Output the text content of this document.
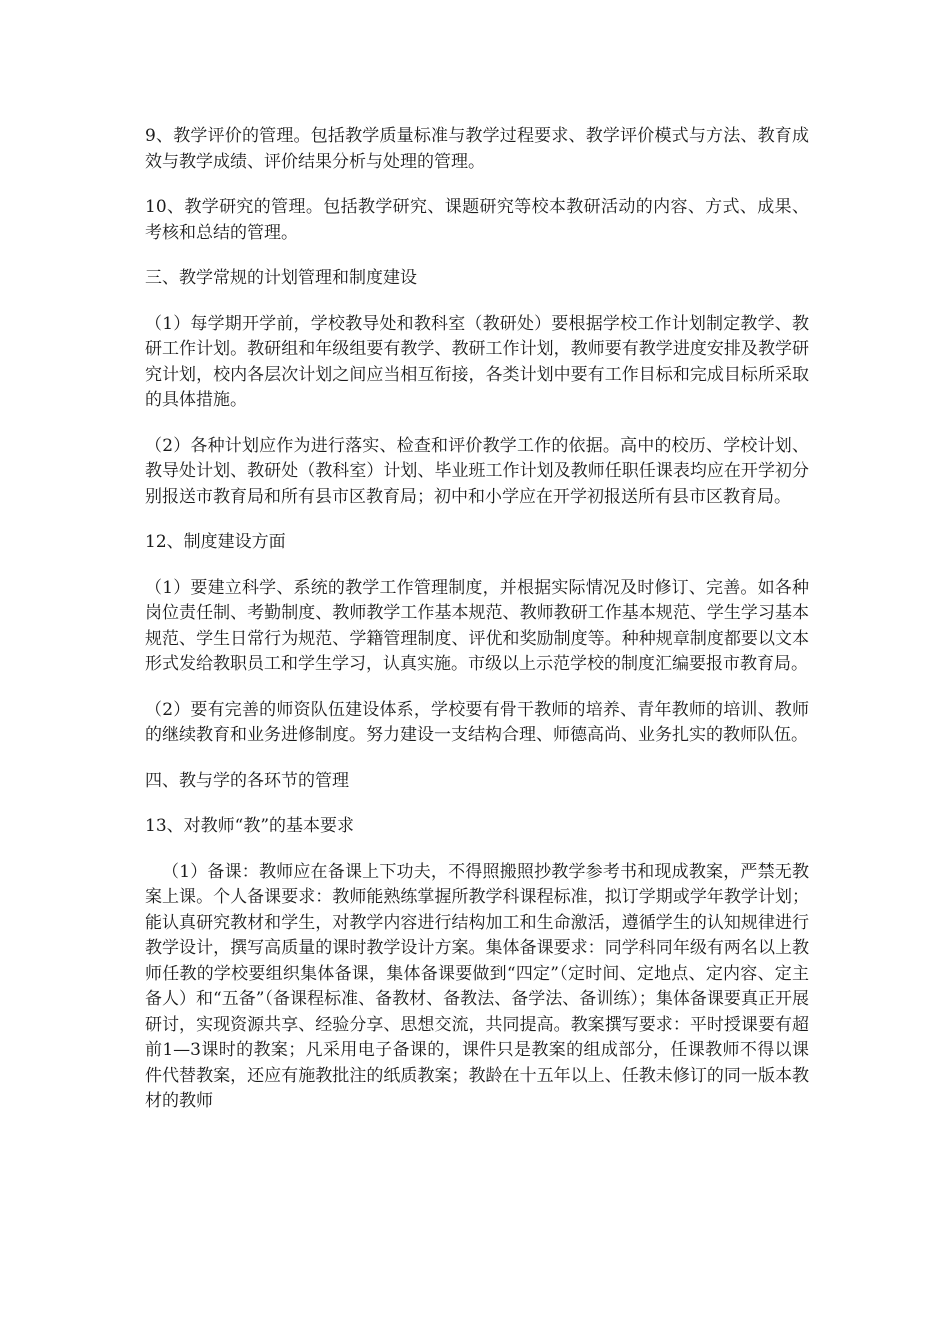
9、教学评价的管理。包括教学质量标准与教学过程要求、教学评价模式与方法、教育成效与教学成绩、评价结果分析与处理的管理。

10、教学研究的管理。包括教学研究、课题研究等校本教研活动的内容、方式、成果、考核和总结的管理。

三、教学常规的计划管理和制度建设

（1）每学期开学前，学校教导处和教科室（教研处）要根据学校工作计划制定教学、教研工作计划。教研组和年级组要有教学、教研工作计划，教师要有教学进度安排及教学研究计划，校内各层次计划之间应当相互衔接，各类计划中要有工作目标和完成目标所采取的具体措施。

（2）各种计划应作为进行落实、检查和评价教学工作的依据。高中的校历、学校计划、教导处计划、教研处（教科室）计划、毕业班工作计划及教师任职任课表均应在开学初分别报送市教育局和所有县市区教育局；初中和小学应在开学初报送所有县市区教育局。

12、制度建设方面

（1）要建立科学、系统的教学工作管理制度，并根据实际情况及时修订、完善。如各种岗位责任制、考勤制度、教师教学工作基本规范、教师教研工作基本规范、学生学习基本规范、学生日常行为规范、学籍管理制度、评优和奖励制度等。种种规章制度都要以文本形式发给教职员工和学生学习，认真实施。市级以上示范学校的制度汇编要报市教育局。

（2）要有完善的师资队伍建设体系，学校要有骨干教师的培养、青年教师的培训、教师的继续教育和业务进修制度。努力建设一支结构合理、师德高尚、业务扎实的教师队伍。

四、教与学的各环节的管理

13、对教师“教”的基本要求

（1）备课：教师应在备课上下功夫，不得照搬照抄教学参考书和现成教案，严禁无教案上课。个人备课要求：教师能熟练掌握所教学科课程标准，拟订学期或学年教学计划；能认真研究教材和学生，对教学内容进行结构加工和生命激活，遵循学生的认知规律进行教学设计，撰写高质量的课时教学设计方案。集体备课要求：同学科同年级有两名以上教师任教的学校要组织集体备课，集体备课要做到“四定”（定时间、定地点、定内容、定主备人）和“五备”（备课程标准、备教材、备教法、备学法、备训练）；集体备课要真正开展研讨，实现资源共享、经验分享、思想交流，共同提高。教案撰写要求：平时授课要有超前1—3课时的教案；凡采用电子备课的，课件只是教案的组成部分，任课教师不得以课件代替教案，还应有施教批注的纸质教案；教龄在十五年以上、任教未修订的同一版本教材的教师
